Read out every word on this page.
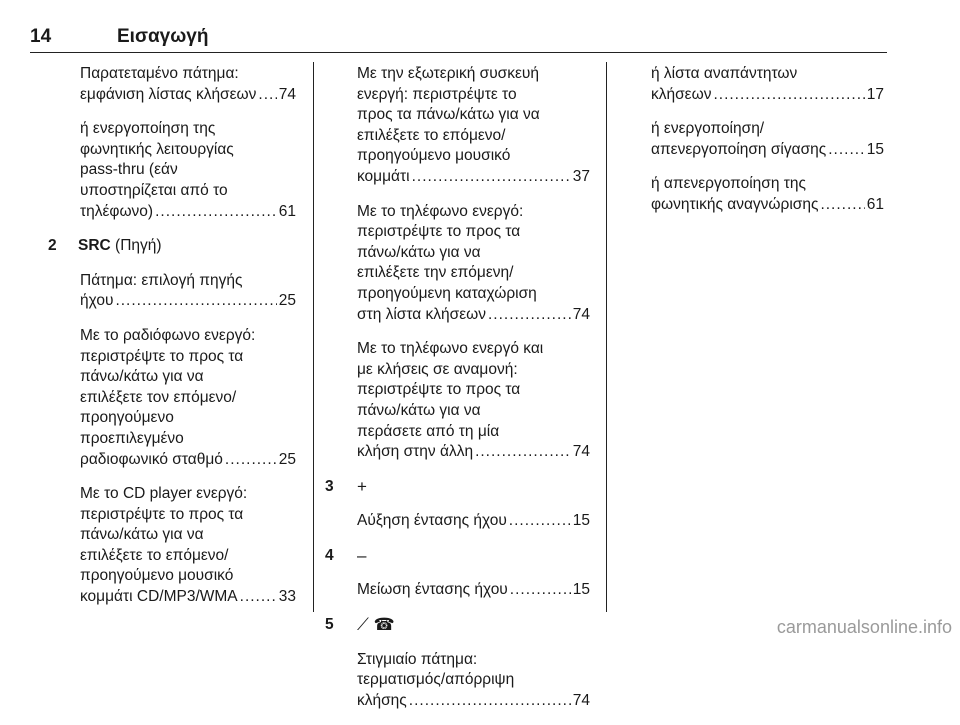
14	Εισαγωγή
Παρατεταμένο πάτημα:
εμφάνιση λίστας κλήσεων ..... 74
ή ενεργοποίηση της
φωνητικής λειτουργίας
pass-thru (εάν
υποστηρίζεται από το
τηλέφωνο) .....	61
2	SRC (Πηγή)
Πάτημα: επιλογή πηγής
ήχου .....	25
Με το ραδιόφωνο ενεργό:
περιστρέψτε το προς τα
πάνω/κάτω για να
επιλέξετε τον επόμενο/
προηγούμενο
προεπιλεγμένο
ραδιοφωνικό σταθμό .....	25
Με το CD player ενεργό:
περιστρέψτε το προς τα
πάνω/κάτω για να
επιλέξετε το επόμενο/
προηγούμενο μουσικό
κομμάτι CD/MP3/WMA .....	33
Με την εξωτερική συσκευή
ενεργή: περιστρέψτε το
προς τα πάνω/κάτω για να
επιλέξετε το επόμενο/
προηγούμενο μουσικό
κομμάτι .....	37
Με το τηλέφωνο ενεργό:
περιστρέψτε το προς τα
πάνω/κάτω για να
επιλέξετε την επόμενη/
προηγούμενη καταχώριση
στη λίστα κλήσεων .....	74
Με το τηλέφωνο ενεργό και
με κλήσεις σε αναμονή:
περιστρέψτε το προς τα
πάνω/κάτω για να
περάσετε από τη μία
κλήση στην άλλη .....	74
3	+
Αύξηση έντασης ήχου .....	15
4	–
Μείωση έντασης ήχου .....	15
5	⟋ ☎
Στιγμιαίο πάτημα:
τερματισμός/απόρριψη
κλήσης .....	74
ή λίστα αναπάντητων
κλήσεων .....	17
ή ενεργοποίηση/
απενεργοποίηση σίγασης .....	15
ή απενεργοποίηση της
φωνητικής αναγνώρισης .....	61
carmanualsonline.info
